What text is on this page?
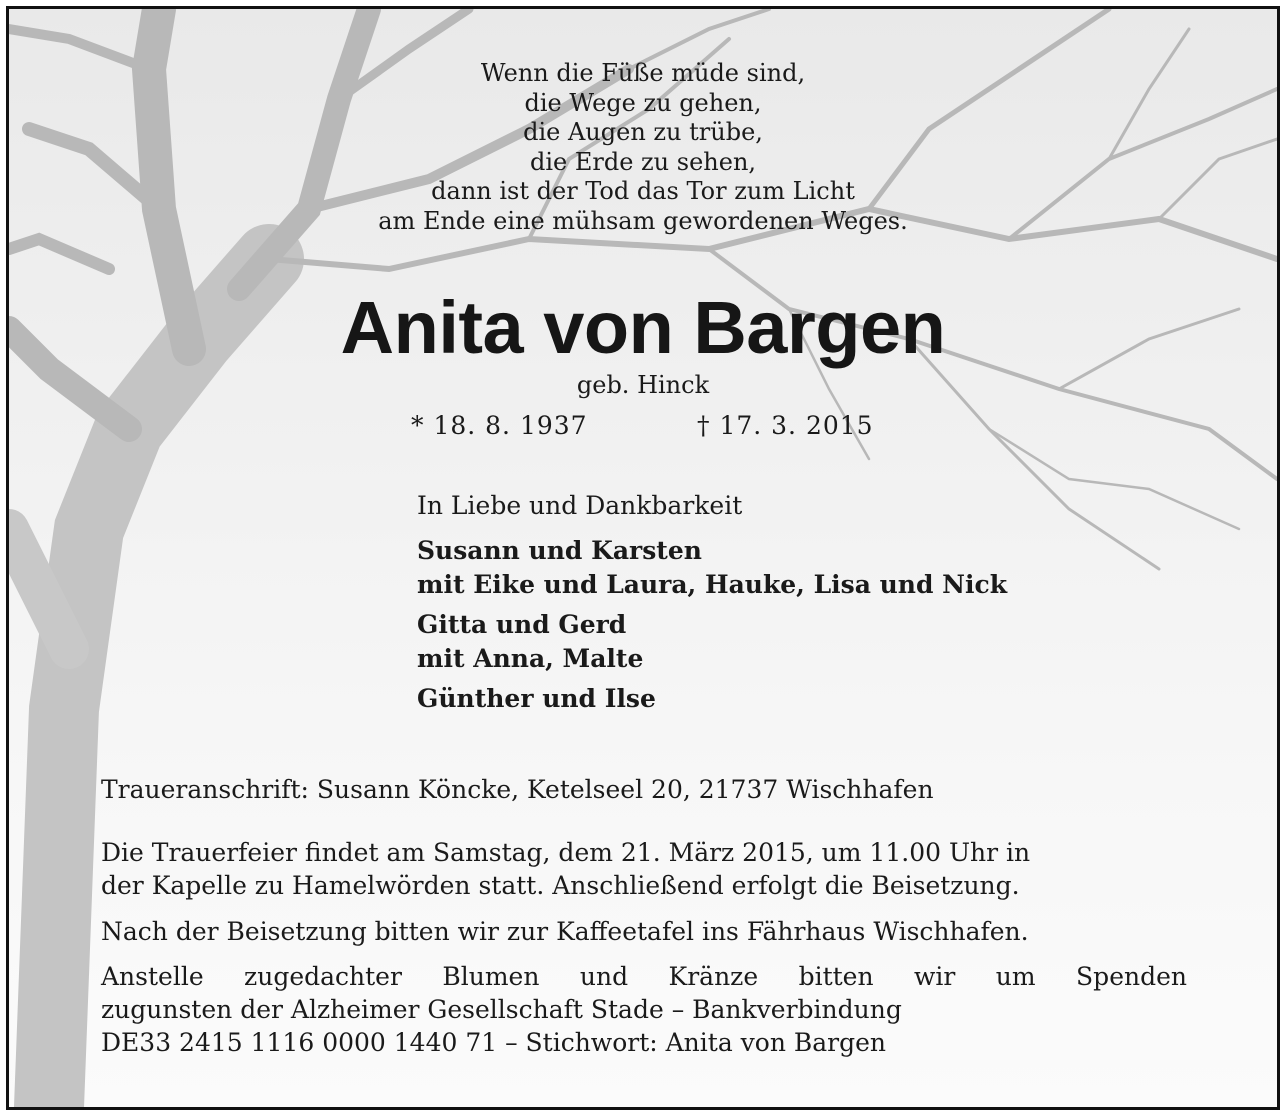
Wenn die Füße müde sind,
die Wege zu gehen,
die Augen zu trübe,
die Erde zu sehen,
dann ist der Tod das Tor zum Licht
am Ende eine mühsam gewordenen Weges.
Anita von Bargen
geb. Hinck
* 18. 8. 1937	† 17. 3. 2015
In Liebe und Dankbarkeit
Susann und Karsten
mit Eike und Laura, Hauke, Lisa und Nick
Gitta und Gerd
mit Anna, Malte
Günther und Ilse
Traueranschrift: Susann Köncke, Ketelseel 20, 21737 Wischhafen
Die Trauerfeier findet am Samstag, dem 21. März 2015, um 11.00 Uhr in
der Kapelle zu Hamelwörden statt. Anschließend erfolgt die Beisetzung.
Nach der Beisetzung bitten wir zur Kaffeetafel ins Fährhaus Wischhafen.
Anstelle zugedachter Blumen und Kränze bitten wir um Spenden
zugunsten der Alzheimer Gesellschaft Stade – Bankverbindung
DE33 2415 1116 0000 1440 71 – Stichwort: Anita von Bargen
